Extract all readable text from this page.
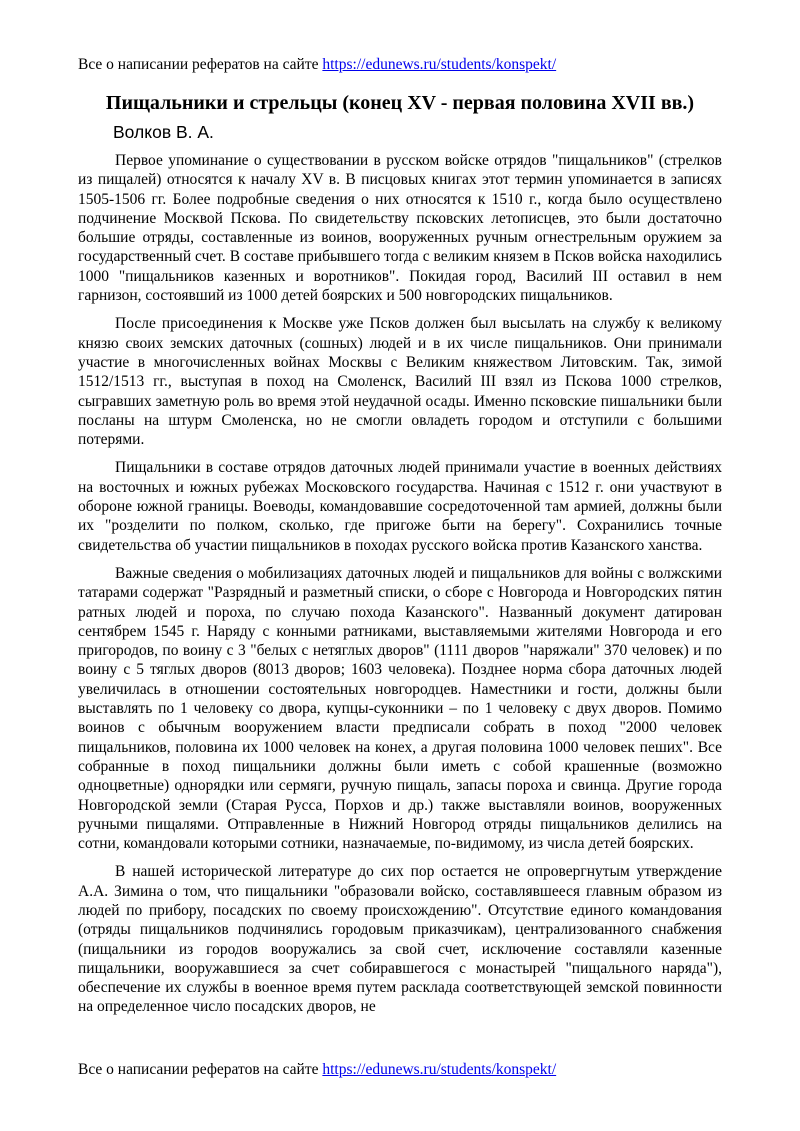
Все о написании рефератов на сайте https://edunews.ru/students/konspekt/
Пищальники и стрельцы (конец XV - первая половина XVII вв.)
Волков В. А.

Первое упоминание о существовании в русском войске отрядов "пищальников" (стрелков из пищалей) относятся к началу XV в. В писцовых книгах этот термин упоминается в записях 1505-1506 гг. Более подробные сведения о них относятся к 1510 г., когда было осуществлено подчинение Москвой Пскова. По свидетельству псковских летописцев, это были достаточно большие отряды, составленные из воинов, вооруженных ручным огнестрельным оружием за государственный счет. В составе прибывшего тогда с великим князем в Псков войска находились 1000 "пищальников казенных и воротников". Покидая город, Василий III оставил в нем гарнизон, состоявший из 1000 детей боярских и 500 новгородских пищальников.

После присоединения к Москве уже Псков должен был высылать на службу к великому князю своих земских даточных (сошных) людей и в их числе пищальников. Они принимали участие в многочисленных войнах Москвы с Великим княжеством Литовским. Так, зимой 1512/1513 гг., выступая в поход на Смоленск, Василий III взял из Пскова 1000 стрелков, сыгравших заметную роль во время этой неудачной осады. Именно псковские пишальники были посланы на штурм Смоленска, но не смогли овладеть городом и отступили с большими потерями.

Пищальники в составе отрядов даточных людей принимали участие в военных действиях на восточных и южных рубежах Московского государства. Начиная с 1512 г. они участвуют в обороне южной границы. Воеводы, командовавшие сосредоточенной там армией, должны были их "розделити по полком, сколько, где пригоже быти на берегу". Сохранились точные свидетельства об участии пищальников в походах русского войска против Казанского ханства.

Важные сведения о мобилизациях даточных людей и пищальников для войны с волжскими татарами содержат "Разрядный и разметный списки, о сборе с Новгорода и Новгородских пятин ратных людей и пороха, по случаю похода Казанского". Названный документ датирован сентябрем 1545 г. Наряду с конными ратниками, выставляемыми жителями Новгорода и его пригородов, по воину с 3 "белых с нетяглых дворов" (1111 дворов "наряжали" 370 человек) и по воину с 5 тяглых дворов (8013 дворов; 1603 человека). Позднее норма сбора даточных людей увеличилась в отношении состоятельных новгородцев. Наместники и гости, должны были выставлять по 1 человеку со двора, купцы-суконники – по 1 человеку с двух дворов. Помимо воинов с обычным вооружением власти предписали собрать в поход "2000 человек пищальников, половина их 1000 человек на конех, а другая половина 1000 человек пеших". Все собранные в поход пищальники должны были иметь с собой крашенные (возможно одноцветные) однорядки или сермяги, ручную пищаль, запасы пороха и свинца. Другие города Новгородской земли (Старая Русса, Порхов и др.) также выставляли воинов, вооруженных ручными пищалями. Отправленные в Нижний Новгород отряды пищальников делились на сотни, командовали которыми сотники, назначаемые, по-видимому, из числа детей боярских.

В нашей исторической литературе до сих пор остается не опровергнутым утверждение А.А. Зимина о том, что пищальники "образовали войско, составлявшееся главным образом из людей по прибору, посадских по своему происхождению". Отсутствие единого командования (отряды пищальников подчинялись городовым приказчикам), централизованного снабжения (пищальники из городов вооружались за свой счет, исключение составляли казенные пищальники, вооружавшиеся за счет собиравшегося с монастырей "пищального наряда"), обеспечение их службы в военное время путем расклада соответствующей земской повинности на определенное число посадских дворов, не

Все о написании рефератов на сайте https://edunews.ru/students/konspekt/
